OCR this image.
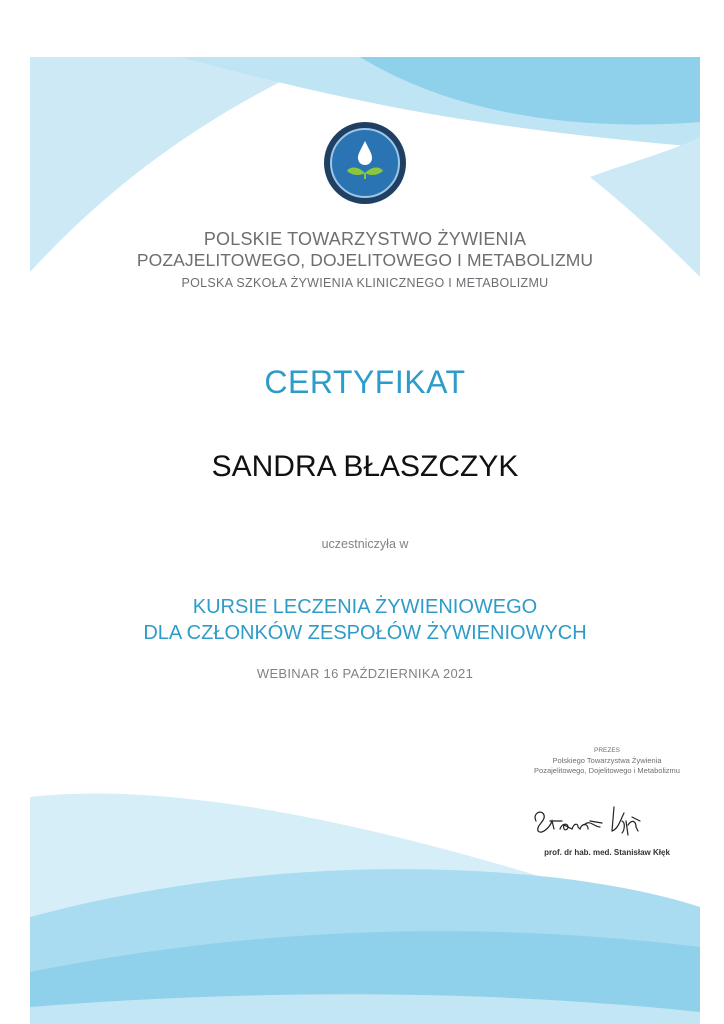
POLSKIE TOWARZYSTWO ŻYWIENIA
POZAJELITOWEGO, DOJELITOWEGO I METABOLIZMU
POLSKA SZKOŁA ŻYWIENIA KLINICZNEGO I METABOLIZMU
CERTYFIKAT
SANDRA BŁASZCZYK
uczestniczyła w
KURSIE LECZENIA ŻYWIENIOWEGO
DLA CZŁONKÓW ZESPOŁÓW ŻYWIENIOWYCH
WEBINAR 16 PAŹDZIERNIKA 2021
PREZES
Polskiego Towarzystwa Żywienia
Pozajelitowego, Dojelitowego i Metabolizmu
prof. dr hab. med. Stanisław Kłęk
